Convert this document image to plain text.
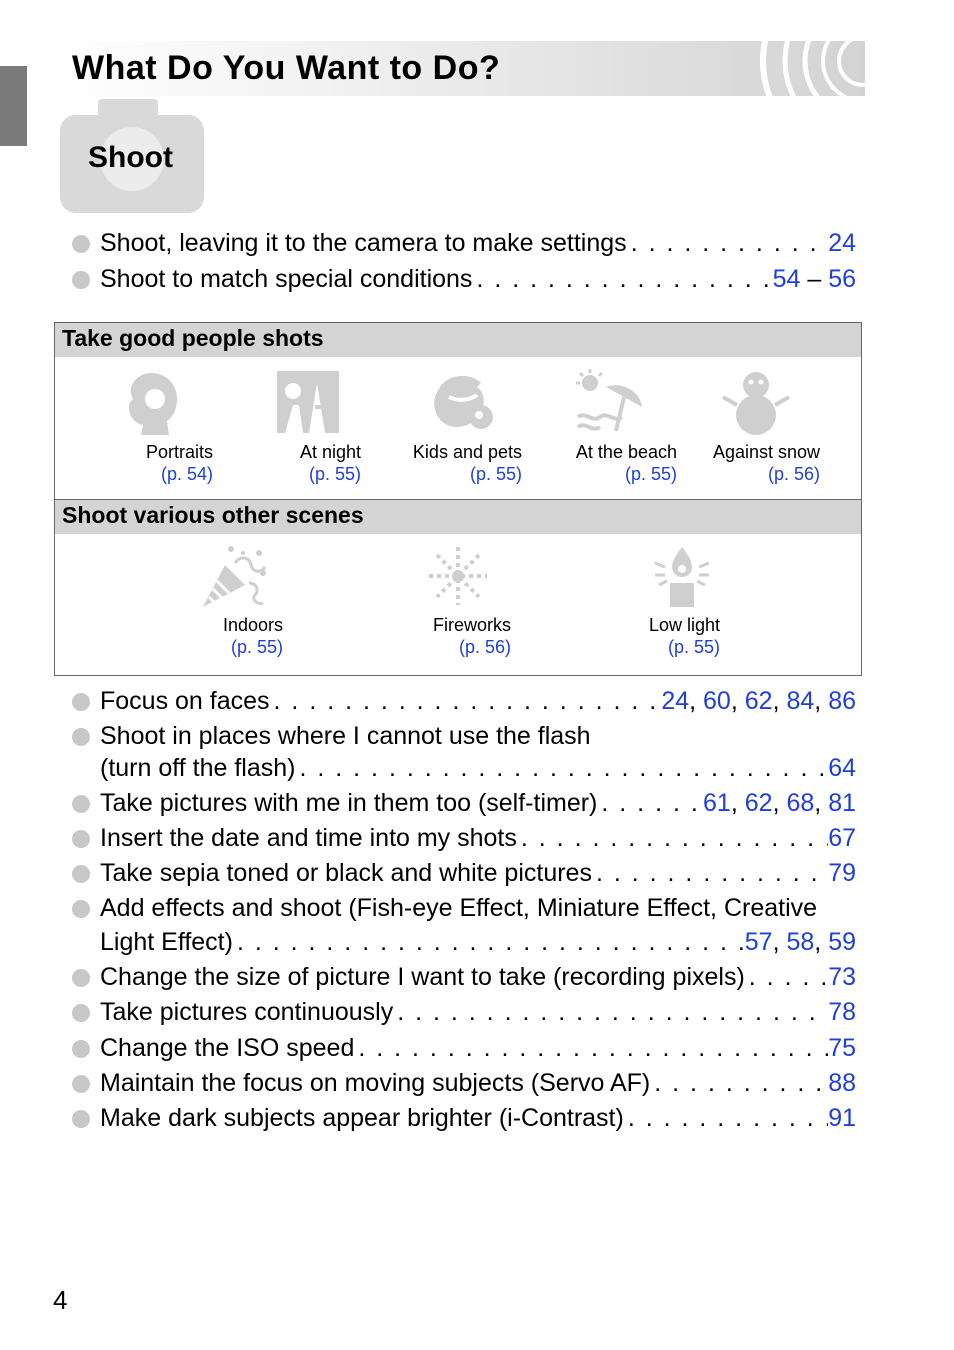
What Do You Want to Do?
Shoot
Shoot, leaving it to the camera to make settings . . .	24
Shoot to match special conditions . . .	54 – 56
Take good people shots
Portraits
(p. 54)
At night
(p. 55)
Kids and pets
(p. 55)
At the beach
(p. 55)
Against snow
(p. 56)
Shoot various other scenes
Indoors
(p. 55)
Fireworks
(p. 56)
Low light
(p. 55)
Focus on faces . . .	24, 60, 62, 84, 86
Shoot in places where I cannot use the flash
(turn off the flash) . . .	64
Take pictures with me in them too (self-timer) . . .	61, 62, 68, 81
Insert the date and time into my shots . . .	67
Take sepia toned or black and white pictures . . .	79
Add effects and shoot (Fish-eye Effect, Miniature Effect, Creative
Light Effect) . . .	57, 58, 59
Change the size of picture I want to take (recording pixels) . . .	73
Take pictures continuously . . .	78
Change the ISO speed . . .	75
Maintain the focus on moving subjects (Servo AF) . . .	88
Make dark subjects appear brighter (i-Contrast) . . .	91
4
